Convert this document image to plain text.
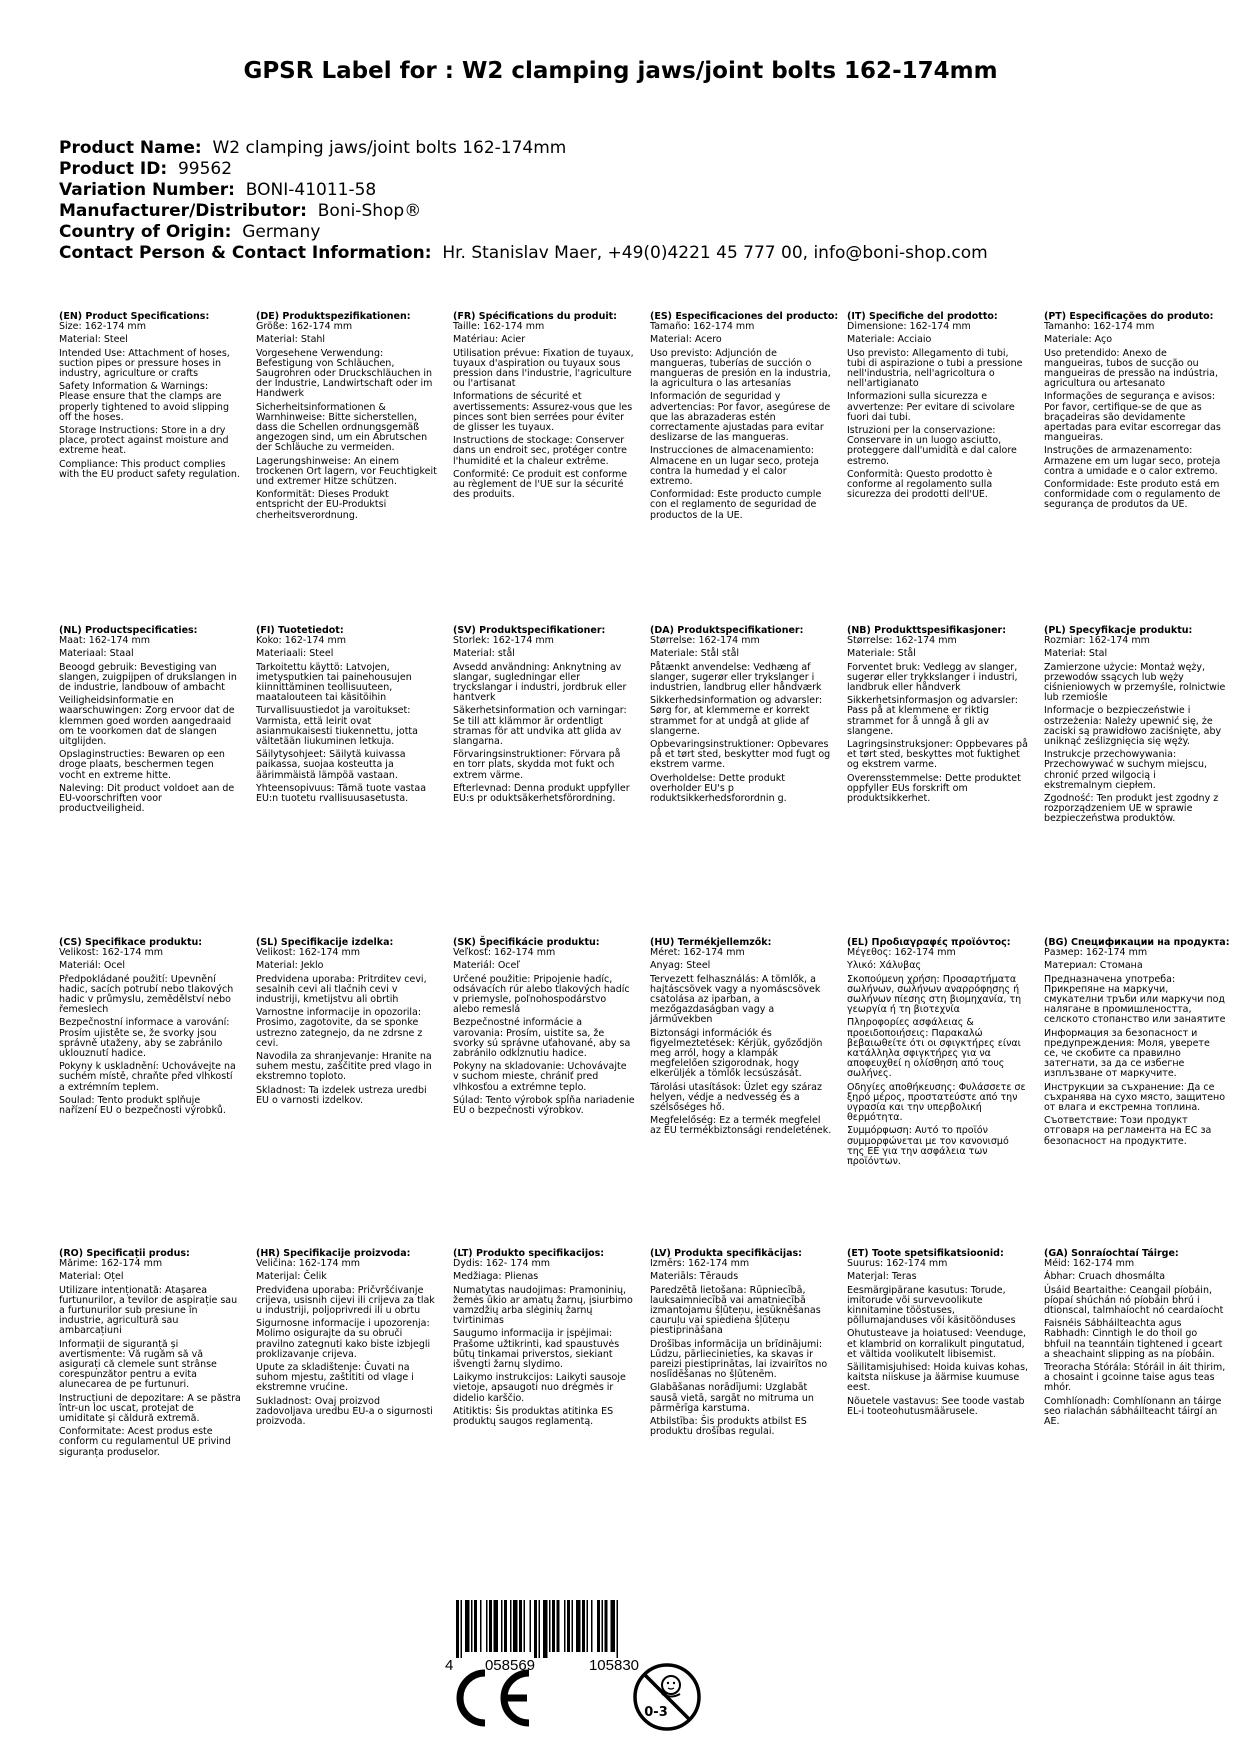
GPSR Label for : W2 clamping jaws/joint bolts 162-174mm
Product Name: W2 clamping jaws/joint bolts 162-174mm
Product ID: 99562
Variation Number: BONI-41011-58
Manufacturer/Distributor: Boni-Shop®
Country of Origin: Germany
Contact Person & Contact Information: Hr. Stanislav Maer, +49(0)4221 45 777 00, info@boni-shop.com
(EN) Product Specifications:
Size: 162-174 mm
Material: Steel
Intended Use: Attachment of hoses, suction pipes or pressure hoses in industry, agriculture or crafts
Safety Information & Warnings: Please ensure that the clamps are properly tightened to avoid slipping off the hoses.
Storage Instructions: Store in a dry place, protect against moisture and extreme heat.
Compliance: This product complies with the EU product safety regulation.
(DE) Produktspezifikationen:
Größe: 162-174 mm
Material: Stahl
Vorgesehene Verwendung: Befestigung von Schläuchen, Saugrohren oder Druckschläuchen in der Industrie, Landwirtschaft oder im Handwerk
Sicherheitsinformationen & Warnhinweise: Bitte sicherstellen, dass die Schellen ordnungsgemäß angezogen sind, um ein Abrutschen der Schläuche zu vermeiden.
Lagerungshinweise: An einem trockenen Ort lagern, vor Feuchtigkeit und extremer Hitze schützen.
Konformität: Dieses Produkt entspricht der EU-Produktsi cherheitsverordnung.
(FR) Spécifications du produit:
Taille: 162-174 mm
Matériau: Acier
Utilisation prévue: Fixation de tuyaux, tuyaux d'aspiration ou tuyaux sous pression dans l'industrie, l'agriculture ou l'artisanat
Informations de sécurité et avertissements: Assurez-vous que les pinces sont bien serrées pour éviter de glisser les tuyaux.
Instructions de stockage: Conserver dans un endroit sec, protéger contre l'humidité et la chaleur extrême.
Conformité: Ce produit est conforme au règlement de l'UE sur la sécurité des produits.
(ES) Especificaciones del producto:
Tamaño: 162-174 mm
Material: Acero
Uso previsto: Adjunción de mangueras, tuberías de succión o mangueras de presión en la industria, la agricultura o las artesanías
Información de seguridad y advertencias: Por favor, asegúrese de que las abrazaderas estén correctamente ajustadas para evitar deslizarse de las mangueras.
Instrucciones de almacenamiento: Almacene en un lugar seco, proteja contra la humedad y el calor extremo.
Conformidad: Este producto cumple con el reglamento de seguridad de productos de la UE.
(IT) Specifiche del prodotto:
Dimensione: 162-174 mm
Materiale: Acciaio
Uso previsto: Allegamento di tubi, tubi di aspirazione o tubi a pressione nell'industria, nell'agricoltura o nell'artigianato
Informazioni sulla sicurezza e avvertenze: Per evitare di scivolare fuori dai tubi.
Istruzioni per la conservazione: Conservare in un luogo asciutto, proteggere dall'umidità e dal calore estremo.
Conformità: Questo prodotto è conforme al regolamento sulla sicurezza dei prodotti dell'UE.
(PT) Especificações do produto:
Tamanho: 162-174 mm
Materiale: Aço
Uso pretendido: Anexo de mangueiras, tubos de sucção ou mangueiras de pressão na indústria, agricultura ou artesanato
Informações de segurança e avisos: Por favor, certifique-se de que as braçadeiras são devidamente apertadas para evitar escorregar das mangueiras.
Instruções de armazenamento: Armazene em um lugar seco, proteja contra a umidade e o calor extremo.
Conformidade: Este produto está em conformidade com o regulamento de segurança de produtos da UE.
(NL) Productspecificaties:
Maat: 162-174 mm
Materiaal: Staal
Beoogd gebruik: Bevestiging van slangen, zuigpijpen of drukslangen in de industrie, landbouw of ambacht
Veiligheidsinformatie en waarschuwingen: Zorg ervoor dat de klemmen goed worden aangedraaid om te voorkomen dat de slangen uitglijden.
Opslaginstructies: Bewaren op een droge plaats, beschermen tegen vocht en extreme hitte.
Naleving: Dit product voldoet aan de EU-voorschriften voor productveiligheid.
(FI) Tuotetiedot:
Koko: 162-174 mm
Materiaali: Steel
Tarkoitettu käyttö: Latvojen, imetysputkien tai painehousujen kiinnittäminen teollisuuteen, maatalouteen tai käsitöihin
Turvallisuustiedot ja varoitukset: Varmista, että leirit ovat asianmukaisesti tiukennettu, jotta vältetään liukuminen letkuja.
Säilytysohjeet: Säilytä kuivassa paikassa, suojaa kosteutta ja äärimmäistä lämpöä vastaan.
Yhteensopivuus: Tämä tuote vastaa EU:n tuotetu rvallisuusasetusta.
(SV) Produktspecifikationer:
Storlek: 162-174 mm
Material: stål
Avsedd användning: Anknytning av slangar, sugledningar eller tryckslangar i industri, jordbruk eller hantverk
Säkerhetsinformation och varningar: Se till att klämmor är ordentligt stramas för att undvika att glida av slangarna.
Förvaringsinstruktioner: Förvara på en torr plats, skydda mot fukt och extrem värme.
Efterlevnad: Denna produkt uppfyller EU:s pr oduktsäkerhetsförordning.
(DA) Produktspecifikationer:
Størrelse: 162-174 mm
Materiale: Stål stål
Påtænkt anvendelse: Vedhæng af slanger, sugerør eller trykslanger i industrien, landbrug eller håndværk
Sikkerhedsinformation og advarsler: Sørg for, at klemmerne er korrekt strammet for at undgå at glide af slangerne.
Opbevaringsinstruktioner: Opbevares på et tørt sted, beskytter mod fugt og ekstrem varme.
Overholdelse: Dette produkt overholder EU's p roduktsikkerhedsforordnin g.
(NB) Produkttspesifikasjoner:
Størrelse: 162-174 mm
Materiale: Stål
Forventet bruk: Vedlegg av slanger, sugerør eller trykkslanger i industri, landbruk eller håndverk
Sikkerhetsinformasjon og advarsler: Pass på at klemmene er riktig strammet for å unngå å gli av slangene.
Lagringsinstruksjoner: Oppbevares på et tørt sted, beskyttes mot fuktighet og ekstrem varme.
Overensstemmelse: Dette produktet oppfyller EUs forskrift om produktsikkerhet.
(PL) Specyfikacje produktu:
Rozmiar: 162-174 mm
Materiał: Stal
Zamierzone użycie: Montaż węży, przewodów ssących lub węży ciśnieniowych w przemyśle, rolnictwie lub rzemiośle
Informacje o bezpieczeństwie i ostrzeżenia: Należy upewnić się, że zaciski są prawidłowo zaciśnięte, aby uniknąć ześlizgnięcia się węży.
Instrukcje przechowywania: Przechowywać w suchym miejscu, chronić przed wilgocią i ekstremalnym ciepłem.
Zgodność: Ten produkt jest zgodny z rozporządzeniem UE w sprawie bezpieczeństwa produktów.
(CS) Specifikace produktu:
Velikost: 162-174 mm
Materiál: Ocel
Předpokládané použití: Upevnění hadic, sacích potrubí nebo tlakových hadic v průmyslu, zemědělství nebo řemeslech
Bezpečnostní informace a varování: Prosím ujistěte se, že svorky jsou správně utaženy, aby se zabránilo uklouznutí hadice.
Pokyny k uskladnění: Uchovávejte na suchém místě, chraňte před vlhkostí a extrémním teplem.
Soulad: Tento produkt splňuje nařízení EU o bezpečnosti výrobků.
(SL) Specifikacije izdelka:
Velikost: 162-174 mm
Material: Jeklo
Predvidena uporaba: Pritrditev cevi, sesalnih cevi ali tlačnih cevi v industriji, kmetijstvu ali obrtih
Varnostne informacije in opozorila: Prosimo, zagotovite, da se sponke ustrezno zategnejo, da ne zdrsne z cevi.
Navodila za shranjevanje: Hranite na suhem mestu, zaščitite pred vlago in ekstremno toploto.
Skladnost: Ta izdelek ustreza uredbi EU o varnosti izdelkov.
(SK) Špecifikácie produktu:
Veľkosť: 162-174 mm
Materiál: Oceľ
Určené použitie: Pripojenie hadíc, odsávacích rúr alebo tlakových hadíc v priemysle, poľnohospodárstvo alebo remeslá
Bezpečnostné informácie a varovania: Prosím, uistite sa, že svorky sú správne uťahované, aby sa zabránilo odkĺznutiu hadice.
Pokyny na skladovanie: Uchovávajte v suchom mieste, chrániť pred vlhkosťou a extrémne teplo.
Súlad: Tento výrobok spĺňa nariadenie EÚ o bezpečnosti výrobkov.
(HU) Termékjellemzők:
Méret: 162-174 mm
Anyag: Steel
Tervezett felhasználás: A tömlők, a hajtáscsövek vagy a nyomáscsövek csatolása az iparban, a mezőgazdaságban vagy a járművekben
Biztonsági információk és figyelmeztetések: Kérjük, győződjön meg arról, hogy a klampák megfelelően szigorodnak, hogy elkerüljék a tömlők lecsúszását.
Tárolási utasítások: Üzlet egy száraz helyen, védje a nedvesség és a szélsőséges hő.
Megfelelőség: Ez a termék megfelel az EU termékbiztonsági rendeletének.
(EL) Προδιαγραφές προϊόντος:
Μέγεθος: 162-174 mm
Υλικό: Χάλυβας
Σκοπούμενη χρήση: Προσαρτήματα σωλήνων, σωλήνων αναρρόφησης ή σωλήνων πίεσης στη βιομηχανία, τη γεωργία ή τη βιοτεχνία
Πληροφορίες ασφάλειας & προειδοποιήσεις: Παρακαλώ βεβαιωθείτε ότι οι σφιγκτήρες είναι κατάλληλα σφιγκτήρες για να αποφευχθεί η ολίσθηση από τους σωλήνες.
Οδηγίες αποθήκευσης: Φυλάσσετε σε ξηρό μέρος, προστατεύστε από την υγρασία και την υπερβολική θερμότητα.
Συμμόρφωση: Αυτό το προϊόν συμμορφώνεται με τον κανονισμό της ΕΕ για την ασφάλεια των προϊόντων.
(BG) Спецификации на продукта:
Размер: 162-174 mm
Материал: Стомана
Предназначена употреба: Прикрепяне на маркучи, смукателни тръби или маркучи под налягане в промишлеността, селското стопанство или занаятите
Информация за безопасност и предупреждения: Моля, уверете се, че скобите са правилно затегнати, за да се избегне изплъзване от маркучите.
Инструкции за съхранение: Да се съхранява на сухо място, защитено от влага и екстремна топлина.
Съответствие: Този продукт отговаря на регламента на ЕС за безопасност на продуктите.
(RO) Specificații produs:
Mărime: 162-174 mm
Material: Oțel
Utilizare intenționată: Atașarea furtunurilor, a tevilor de aspirație sau a furtunurilor sub presiune în industrie, agricultură sau ambarcațiuni
Informații de siguranță și avertismente: Vă rugăm să vă asigurați că clemele sunt strânse corespunzător pentru a evita alunecarea de pe furtunuri.
Instrucțiuni de depozitare: A se păstra într-un loc uscat, protejat de umiditate și căldură extremă.
Conformitate: Acest produs este conform cu regulamentul UE privind siguranța produselor.
(HR) Specifikacije proizvoda:
Veličina: 162-174 mm
Materijal: Čelik
Predviđena uporaba: Pričvršćivanje crijeva, usisnih cijevi ili crijeva za tlak u industriji, poljoprivredi ili u obrtu
Sigurnosne informacije i upozorenja: Molimo osigurajte da su obruči pravilno zategnuti kako biste izbjegli proklizavanje crijeva.
Upute za skladištenje: Čuvati na suhom mjestu, zaštititi od vlage i ekstremne vrućine.
Sukladnost: Ovaj proizvod zadovoljava uredbu EU-a o sigurnosti proizvoda.
(LT) Produkto specifikacijos:
Dydis: 162- 174 mm
Medžiaga: Plienas
Numatytas naudojimas: Pramoninių, žemės ūkio ar amatų žarnų, įsiurbimo vamzdžių arba slėginių žarnų tvirtinimas
Saugumo informacija ir įspėjimai: Prašome užtikrinti, kad spaustuvės būtų tinkamai priverstos, siekiant išvengti žarnų slydimo.
Laikymo instrukcijos: Laikyti sausoje vietoje, apsaugoti nuo drėgmės ir didelio karščio.
Atitiktis: Šis produktas atitinka ES produktų saugos reglamentą.
(LV) Produkta specifikācijas:
Izmērs: 162-174 mm
Materiāls: Tērauds
Paredzētā lietošana: Rūpniecībā, lauksaimniecībā vai amatniecībā izmantojamu šļūteņu, iesūknēšanas cauruļu vai spiediena šļūteņu piestiprināšana
Drošības informācija un brīdinājumi: Lūdzu, pārliecinieties, ka skavas ir pareizi piestiprinātas, lai izvairītos no noslīdēšanas no šļūtenēm.
Glabāšanas norādījumi: Uzglabāt sausā vietā, sargāt no mitruma un pārmērīga karstuma.
Atbilstība: Šis produkts atbilst ES produktu drošības regulai.
(ET) Toote spetsifikatsioonid:
Suurus: 162-174 mm
Materjal: Teras
Eesmärgipärane kasutus: Torude, imitorude või survevoolikute kinnitamine tööstuses, põllumajanduses või käsitöönduses
Ohutusteave ja hoiatused: Veenduge, et klambrid on korralikult pingutatud, et vältida voolikutelt libisemist.
Säilitamisjuhised: Hoida kuivas kohas, kaitsta niiskuse ja äärmise kuumuse eest.
Nõuetele vastavus: See toode vastab EL-i tooteohutusmäärusele.
(GA) Sonraíochtaí Táirge:
Méid: 162-174 mm
Ábhar: Cruach dhosmálta
Úsáid Beartaithe: Ceangail píobáin, píopaí shúchán nó píobáin bhrú i dtionscal, talmhaíocht nó ceardaíocht
Faisnéis Sábháilteachta agus Rabhadh: Cinntigh le do thoil go bhfuil na teanntáin tightened i gceart a sheachaint slipping as na píobáin.
Treoracha Stórála: Stóráil in áit thirim, a chosaint i gcoinne taise agus teas mhór.
Comhlíonadh: Comhlíonann an táirge seo rialachán sábháilteacht táirgí an AE.
4 058569	105830
0-3
